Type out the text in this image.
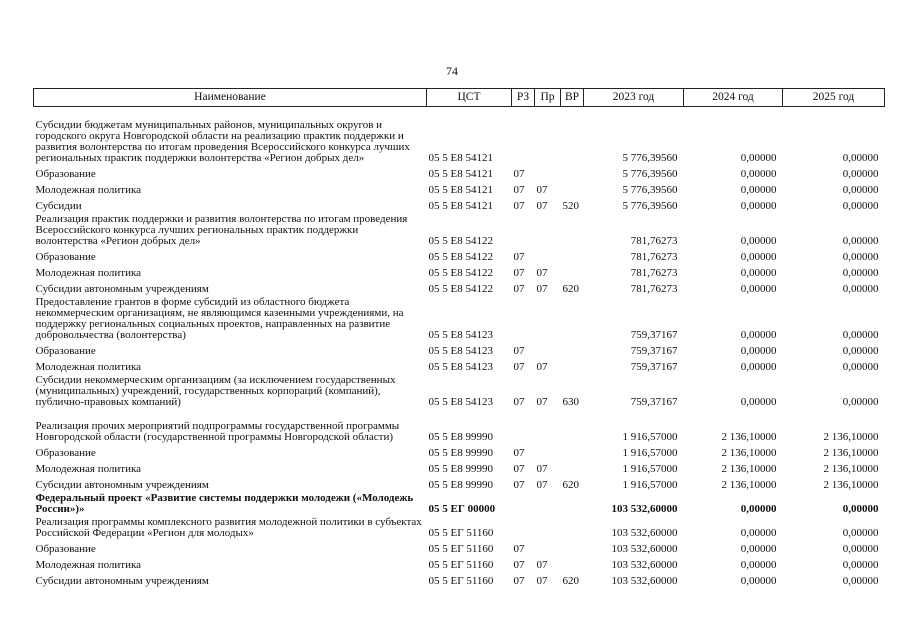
74
Наименование	ЦСТ	РЗ	Пр	ВР	2023 год	2024 год	2025 год
Субсидии бюджетам муниципальных районов, муниципальных округов и городского округа Новгородской области на реализацию практик поддержки и развития волонтерства по итогам проведения Всероссийского конкурса лучших региональных практик поддержки волонтерства «Регион добрых дел»	05 5 Е8 54121				5 776,39560	0,00000	0,00000
Образование	05 5 Е8 54121	07			5 776,39560	0,00000	0,00000
Молодежная политика	05 5 Е8 54121	07	07		5 776,39560	0,00000	0,00000
Субсидии	05 5 Е8 54121	07	07	520	5 776,39560	0,00000	0,00000
Реализация практик поддержки и развития волонтерства по итогам проведения Всероссийского конкурса лучших региональных практик поддержки волонтерства «Регион добрых дел»	05 5 Е8 54122				781,76273	0,00000	0,00000
Образование	05 5 Е8 54122	07			781,76273	0,00000	0,00000
Молодежная политика	05 5 Е8 54122	07	07		781,76273	0,00000	0,00000
Субсидии автономным учреждениям	05 5 Е8 54122	07	07	620	781,76273	0,00000	0,00000
Предоставление грантов в форме субсидий из областного бюджета некоммерческим организациям, не являющимся казенными учреждениями, на поддержку региональных социальных проектов, направленных на развитие добровольчества (волонтерства)	05 5 Е8 54123				759,37167	0,00000	0,00000
Образование	05 5 Е8 54123	07			759,37167	0,00000	0,00000
Молодежная политика	05 5 Е8 54123	07	07		759,37167	0,00000	0,00000
Субсидии некоммерческим организациям (за исключением государственных (муниципальных) учреждений, государственных корпораций (компаний), публично-правовых компаний)	05 5 Е8 54123	07	07	630	759,37167	0,00000	0,00000
Реализация прочих мероприятий подпрограммы государственной программы Новгородской области (государственной программы Новгородской области)	05 5 Е8 99990				1 916,57000	2 136,10000	2 136,10000
Образование	05 5 Е8 99990	07			1 916,57000	2 136,10000	2 136,10000
Молодежная политика	05 5 Е8 99990	07	07		1 916,57000	2 136,10000	2 136,10000
Субсидии автономным учреждениям	05 5 Е8 99990	07	07	620	1 916,57000	2 136,10000	2 136,10000
Федеральный проект «Развитие системы поддержки молодежи («Молодежь России»)»	05 5 ЕГ 00000				103 532,60000	0,00000	0,00000
Реализация программы комплексного развития молодежной политики в субъектах Российской Федерации «Регион для молодых»	05 5 ЕГ 51160				103 532,60000	0,00000	0,00000
Образование	05 5 ЕГ 51160	07			103 532,60000	0,00000	0,00000
Молодежная политика	05 5 ЕГ 51160	07	07		103 532,60000	0,00000	0,00000
Субсидии автономным учреждениям	05 5 ЕГ 51160	07	07	620	103 532,60000	0,00000	0,00000
